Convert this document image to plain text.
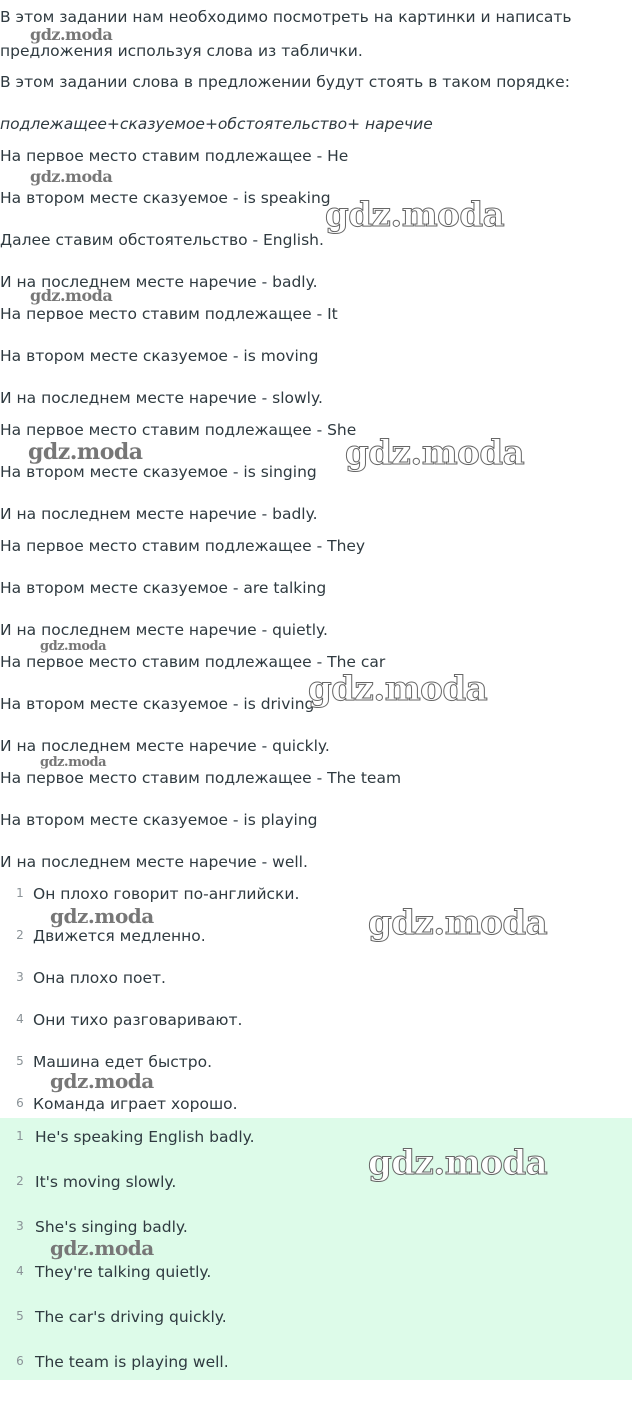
В этом задании нам необходимо посмотреть на картинки и написать
предложения используя слова из таблички.
В этом задании слова в предложении будут стоять в таком порядке:
подлежащее+сказуемое+обстоятельство+ наречие
На первое место ставим подлежащее - He
На втором месте сказуемое - is speaking
Далее ставим обстоятельство - English.
И на последнем месте наречие - badly.
На первое место ставим подлежащее - It
На втором месте сказуемое - is moving
И на последнем месте наречие - slowly.
На первое место ставим подлежащее - She
На втором месте сказуемое - is singing
И на последнем месте наречие - badly.
На первое место ставим подлежащее - They
На втором месте сказуемое - are talking
И на последнем месте наречие - quietly.
На первое место ставим подлежащее - The car
На втором месте сказуемое - is driving
И на последнем месте наречие - quickly.
На первое место ставим подлежащее - The team
На втором месте сказуемое - is playing
И на последнем месте наречие - well.
1 Он плохо говорит по-английски.
2 Движется медленно.
3 Она плохо поет.
4 Они тихо разговаривают.
5 Машина едет быстро.
6 Команда играет хорошо.
1 He's speaking English badly.
2 It's moving slowly.
3 She's singing badly.
4 They're talking quietly.
5 The car's driving quickly.
6 The team is playing well.
gdz.moda
gdz.moda
gdz.moda
gdz.moda
gdz.moda
gdz.moda
gdz.moda
gdz.moda
gdz.moda
gdz.moda	gdz.moda
gdz.moda
gdz.moda
gdz.moda
